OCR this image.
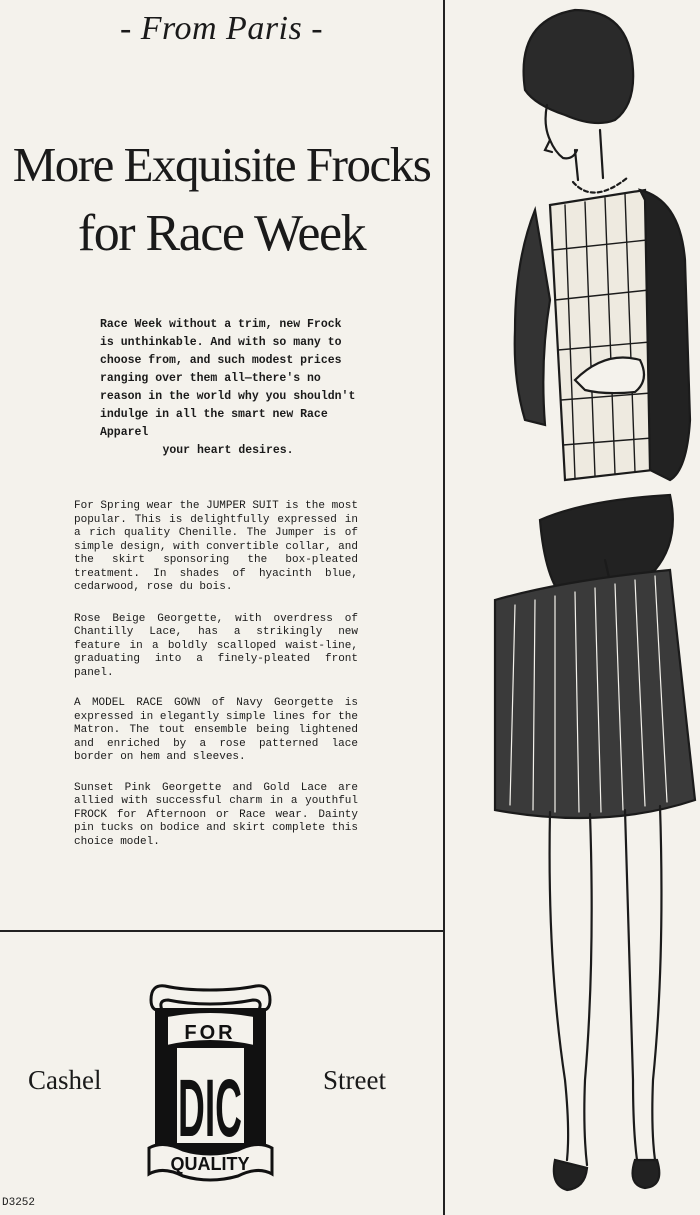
- From Paris -
More Exquisite Frocks
for Race Week
Race Week without a trim, new Frock is unthinkable. And with so many to choose from, and such modest prices ranging over them all—there's no reason in the world why you shouldn't indulge in all the smart new Race Apparel
your heart desires.

For Spring wear the JUMPER SUIT is the most popular. This is delightfully expressed in a rich quality Chenille. The Jumper is of simple design, with convertible collar, and the skirt sponsoring the box-pleated treatment. In shades of hyacinth blue, cedarwood, rose du bois.

Rose Beige Georgette, with overdress of Chantilly Lace, has a strikingly new feature in a boldly scalloped waist-line, graduating into a finely-pleated front panel.

A MODEL RACE GOWN of Navy Georgette is expressed in elegantly simple lines for the Matron. The tout ensemble being lightened and enriched by a rose patterned lace border on hem and sleeves.

Sunset Pink Georgette and Gold Lace are allied with successful charm in a youthful FROCK for Afternoon or Race wear. Dainty pin tucks on bodice and skirt complete this choice model.

Cashel	Street
D3252
FOR
DIC
QUALITY
